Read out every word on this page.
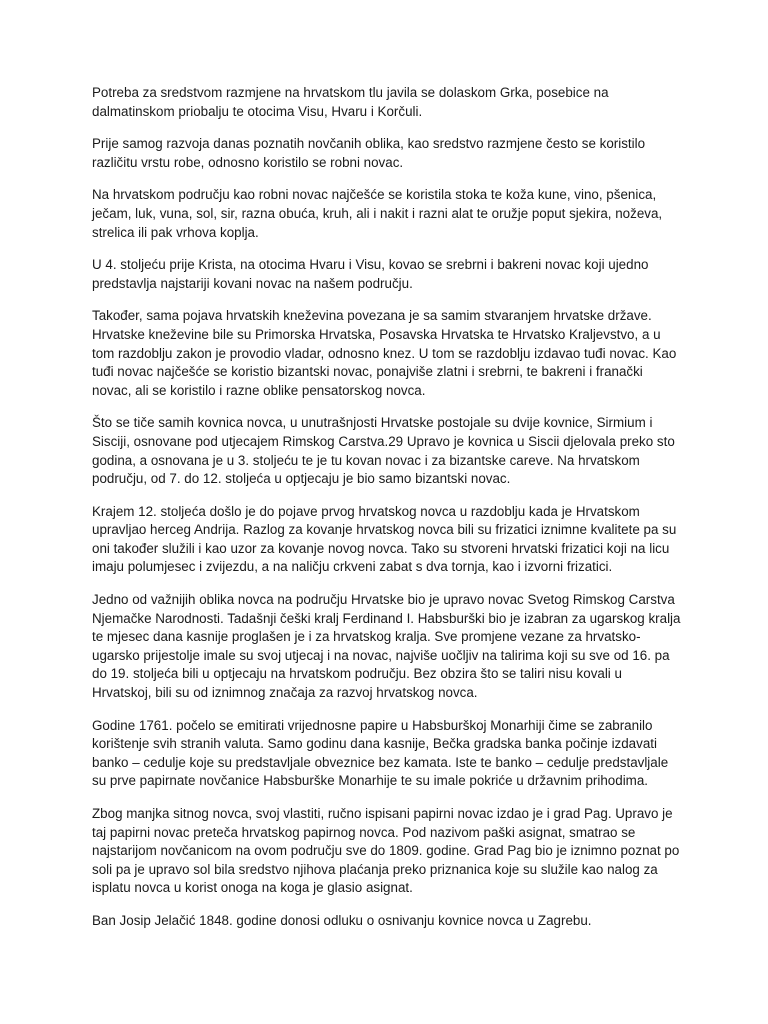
Potreba za sredstvom razmjene na hrvatskom tlu javila se dolaskom Grka, posebice na dalmatinskom priobalju te otocima Visu, Hvaru i Korčuli.

Prije samog razvoja danas poznatih novčanih oblika, kao sredstvo razmjene često se koristilo različitu vrstu robe, odnosno koristilo se robni novac.

Na hrvatskom području kao robni novac najčešće se koristila stoka te koža kune, vino, pšenica, ječam, luk, vuna, sol, sir, razna obuća, kruh, ali i nakit i razni alat te oružje poput sjekira, noževa, strelica ili pak vrhova koplja.

U 4. stoljeću prije Krista, na otocima Hvaru i Visu, kovao se srebrni i bakreni novac koji ujedno predstavlja najstariji kovani novac na našem području.

Također, sama pojava hrvatskih kneževina povezana je sa samim stvaranjem hrvatske države. Hrvatske kneževine bile su Primorska Hrvatska, Posavska Hrvatska te Hrvatsko Kraljevstvo, a u tom razdoblju zakon je provodio vladar, odnosno knez. U tom se razdoblju izdavao tuđi novac. Kao tuđi novac najčešće se koristio bizantski novac, ponajviše zlatni i srebrni, te bakreni i franački novac, ali se koristilo i razne oblike pensatorskog novca.

Što se tiče samih kovnica novca, u unutrašnjosti Hrvatske postojale su dvije kovnice, Sirmium i Sisciji, osnovane pod utjecajem Rimskog Carstva.29 Upravo je kovnica u Siscii djelovala preko sto godina, a osnovana je u 3. stoljeću te je tu kovan novac i za bizantske careve. Na hrvatskom području, od 7. do 12. stoljeća u optjecaju je bio samo bizantski novac.

Krajem 12. stoljeća došlo je do pojave prvog hrvatskog novca u razdoblju kada je Hrvatskom upravljao herceg Andrija. Razlog za kovanje hrvatskog novca bili su frizatici iznimne kvalitete pa su oni također služili i kao uzor za kovanje novog novca. Tako su stvoreni hrvatski frizatici koji na licu imaju polumjesec i zvijezdu, a na naličju crkveni zabat s dva tornja, kao i izvorni frizatici.

Jedno od važnijih oblika novca na području Hrvatske bio je upravo novac Svetog Rimskog Carstva Njemačke Narodnosti. Tadašnji češki kralj Ferdinand I. Habsburški bio je izabran za ugarskog kralja te mjesec dana kasnije proglašen je i za hrvatskog kralja. Sve promjene vezane za hrvatsko-ugarsko prijestolje imale su svoj utjecaj i na novac, najviše uočljiv na talirima koji su sve od 16. pa do 19. stoljeća bili u optjecaju na hrvatskom području. Bez obzira što se taliri nisu kovali u Hrvatskoj, bili su od iznimnog značaja za razvoj hrvatskog novca.

Godine 1761. počelo se emitirati vrijednosne papire u Habsburškoj Monarhiji čime se zabranilo korištenje svih stranih valuta. Samo godinu dana kasnije, Bečka gradska banka počinje izdavati banko – cedulje koje su predstavljale obveznice bez kamata. Iste te banko – cedulje predstavljale su prve papirnate novčanice Habsburške Monarhije te su imale pokriće u državnim prihodima.

Zbog manjka sitnog novca, svoj vlastiti, ručno ispisani papirni novac izdao je i grad Pag. Upravo je taj papirni novac preteča hrvatskog papirnog novca. Pod nazivom paški asignat, smatrao se najstarijom novčanicom na ovom području sve do 1809. godine. Grad Pag bio je iznimno poznat po soli pa je upravo sol bila sredstvo njihova plaćanja preko priznanica koje su služile kao nalog za isplatu novca u korist onoga na koga je glasio asignat.

Ban Josip Jelačić 1848. godine donosi odluku o osnivanju kovnice novca u Zagrebu.
